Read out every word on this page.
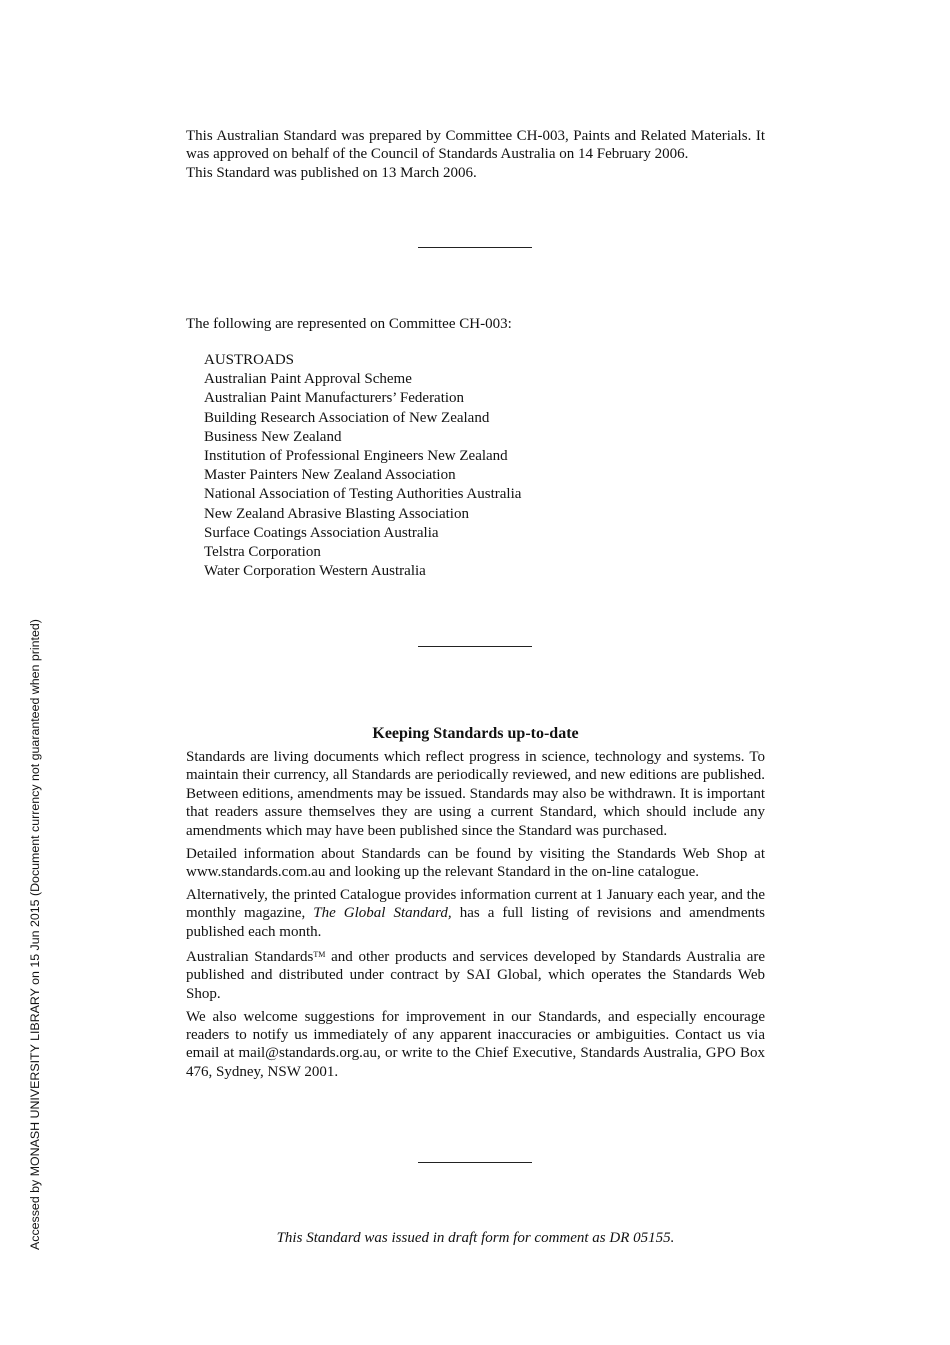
This Australian Standard was prepared by Committee CH-003, Paints and Related Materials. It was approved on behalf of the Council of Standards Australia on 14 February 2006.
This Standard was published on 13 March 2006.
The following are represented on Committee CH-003:
AUSTROADS
Australian Paint Approval Scheme
Australian Paint Manufacturers’ Federation
Building Research Association of New Zealand
Business New Zealand
Institution of Professional Engineers New Zealand
Master Painters New Zealand Association
National Association of Testing Authorities Australia
New Zealand Abrasive Blasting Association
Surface Coatings Association Australia
Telstra Corporation
Water Corporation Western Australia
Keeping Standards up-to-date

Standards are living documents which reflect progress in science, technology and systems. To maintain their currency, all Standards are periodically reviewed, and new editions are published. Between editions, amendments may be issued. Standards may also be withdrawn. It is important that readers assure themselves they are using a current Standard, which should include any amendments which may have been published since the Standard was purchased.

Detailed information about Standards can be found by visiting the Standards Web Shop at www.standards.com.au and looking up the relevant Standard in the on-line catalogue.

Alternatively, the printed Catalogue provides information current at 1 January each year, and the monthly magazine, The Global Standard, has a full listing of revisions and amendments published each month.

Australian Standards™ and other products and services developed by Standards Australia are published and distributed under contract by SAI Global, which operates the Standards Web Shop.

We also welcome suggestions for improvement in our Standards, and especially encourage readers to notify us immediately of any apparent inaccuracies or ambiguities. Contact us via email at mail@standards.org.au, or write to the Chief Executive, Standards Australia, GPO Box 476, Sydney, NSW 2001.

This Standard was issued in draft form for comment as DR 05155.
Accessed by MONASH UNIVERSITY LIBRARY on 15 Jun 2015 (Document currency not guaranteed when printed)
